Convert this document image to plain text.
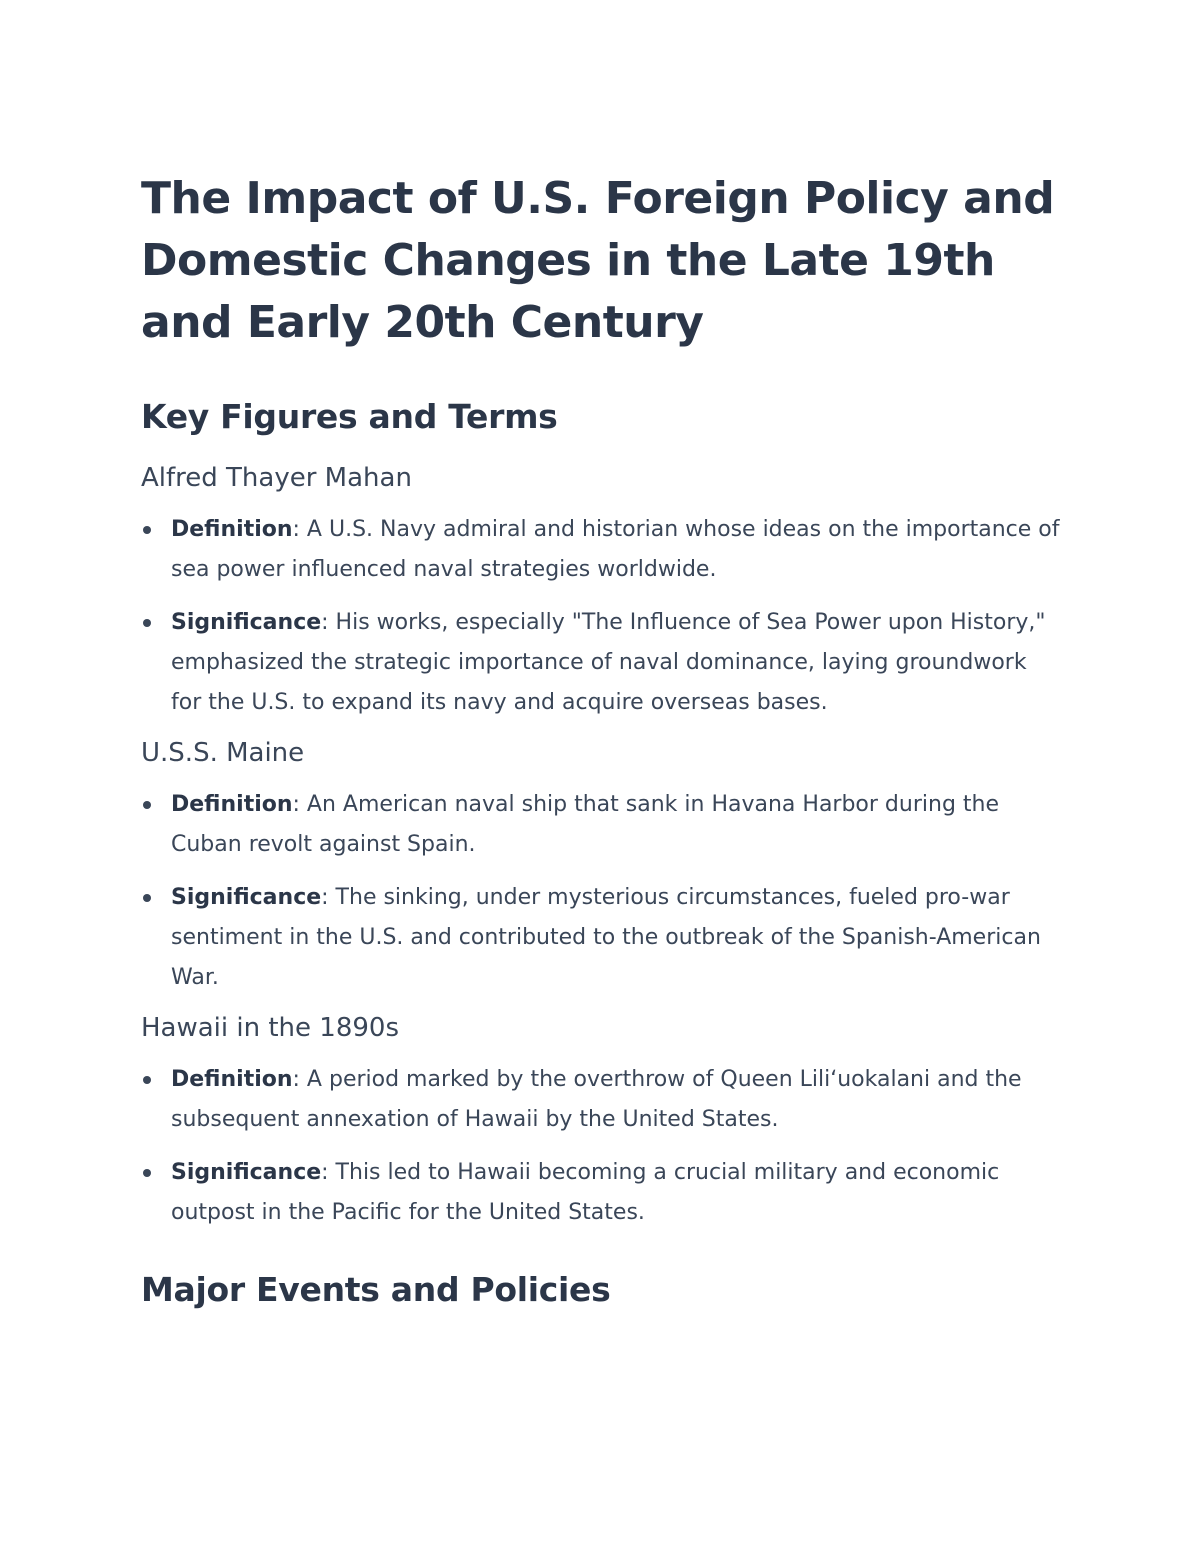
The Impact of U.S. Foreign Policy and Domestic Changes in the Late 19th and Early 20th Century
Key Figures and Terms
Alfred Thayer Mahan
Definition: A U.S. Navy admiral and historian whose ideas on the importance of sea power influenced naval strategies worldwide.
Significance: His works, especially "The Influence of Sea Power upon History," emphasized the strategic importance of naval dominance, laying groundwork for the U.S. to expand its navy and acquire overseas bases.
U.S.S. Maine
Definition: An American naval ship that sank in Havana Harbor during the Cuban revolt against Spain.
Significance: The sinking, under mysterious circumstances, fueled pro-war sentiment in the U.S. and contributed to the outbreak of the Spanish-American War.
Hawaii in the 1890s
Definition: A period marked by the overthrow of Queen Liliʻuokalani and the subsequent annexation of Hawaii by the United States.
Significance: This led to Hawaii becoming a crucial military and economic outpost in the Pacific for the United States.
Major Events and Policies
